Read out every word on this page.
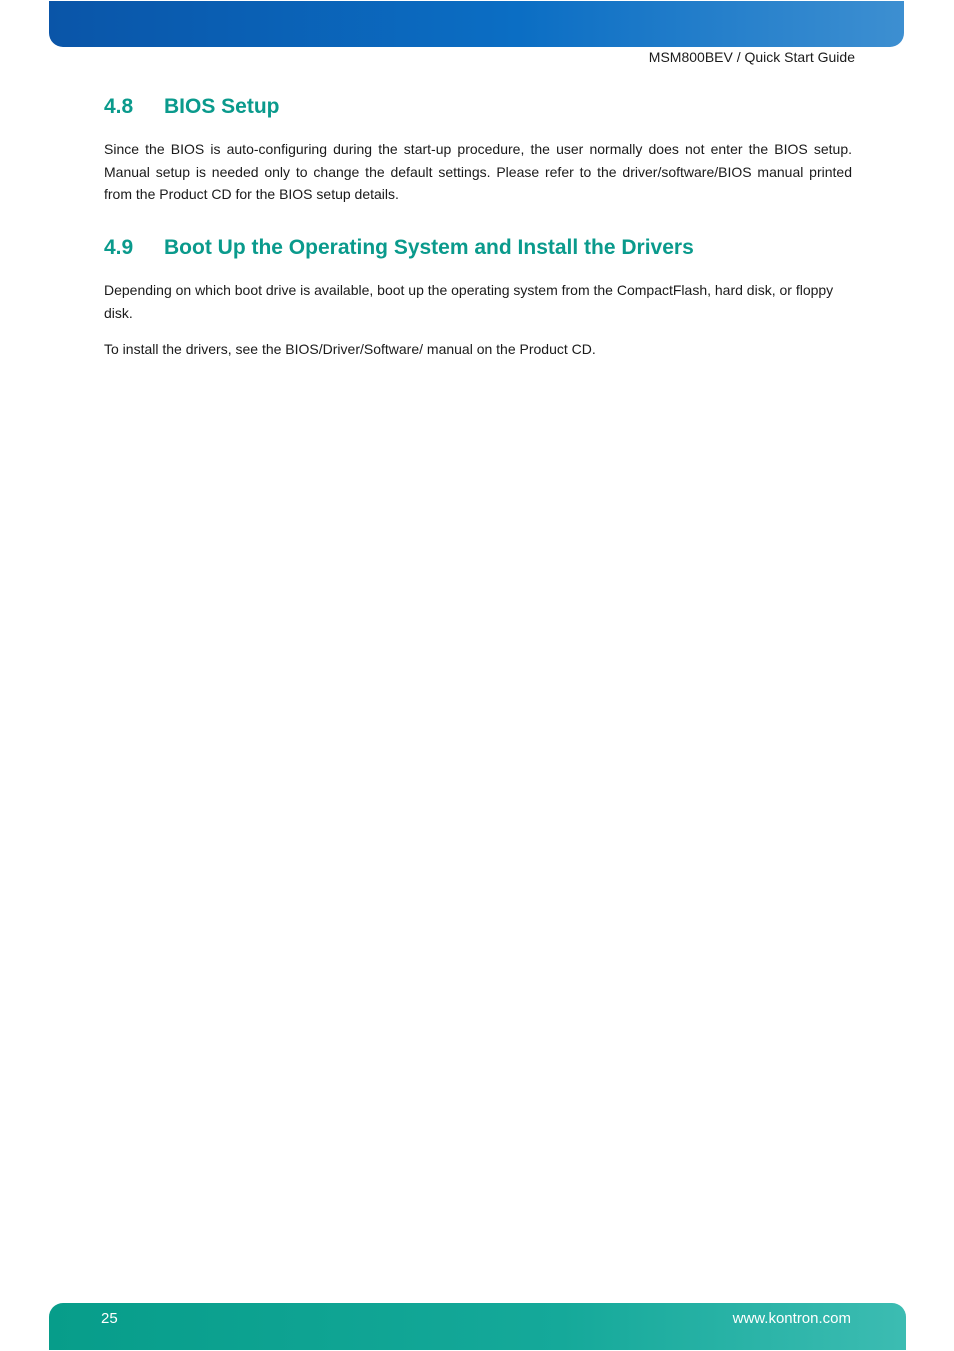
MSM800BEV / Quick Start Guide
4.8 BIOS Setup

Since the BIOS is auto-configuring during the start-up procedure, the user normally does not enter the BIOS setup. Manual setup is needed only to change the default settings. Please refer to the driver/software/BIOS manual printed from the Product CD for the BIOS setup details.

4.9 Boot Up the Operating System and Install the Drivers

Depending on which boot drive is available, boot up the operating system from the CompactFlash, hard disk, or floppy disk.

To install the drivers, see the BIOS/Driver/Software/ manual on the Product CD.

25	www.kontron.com
